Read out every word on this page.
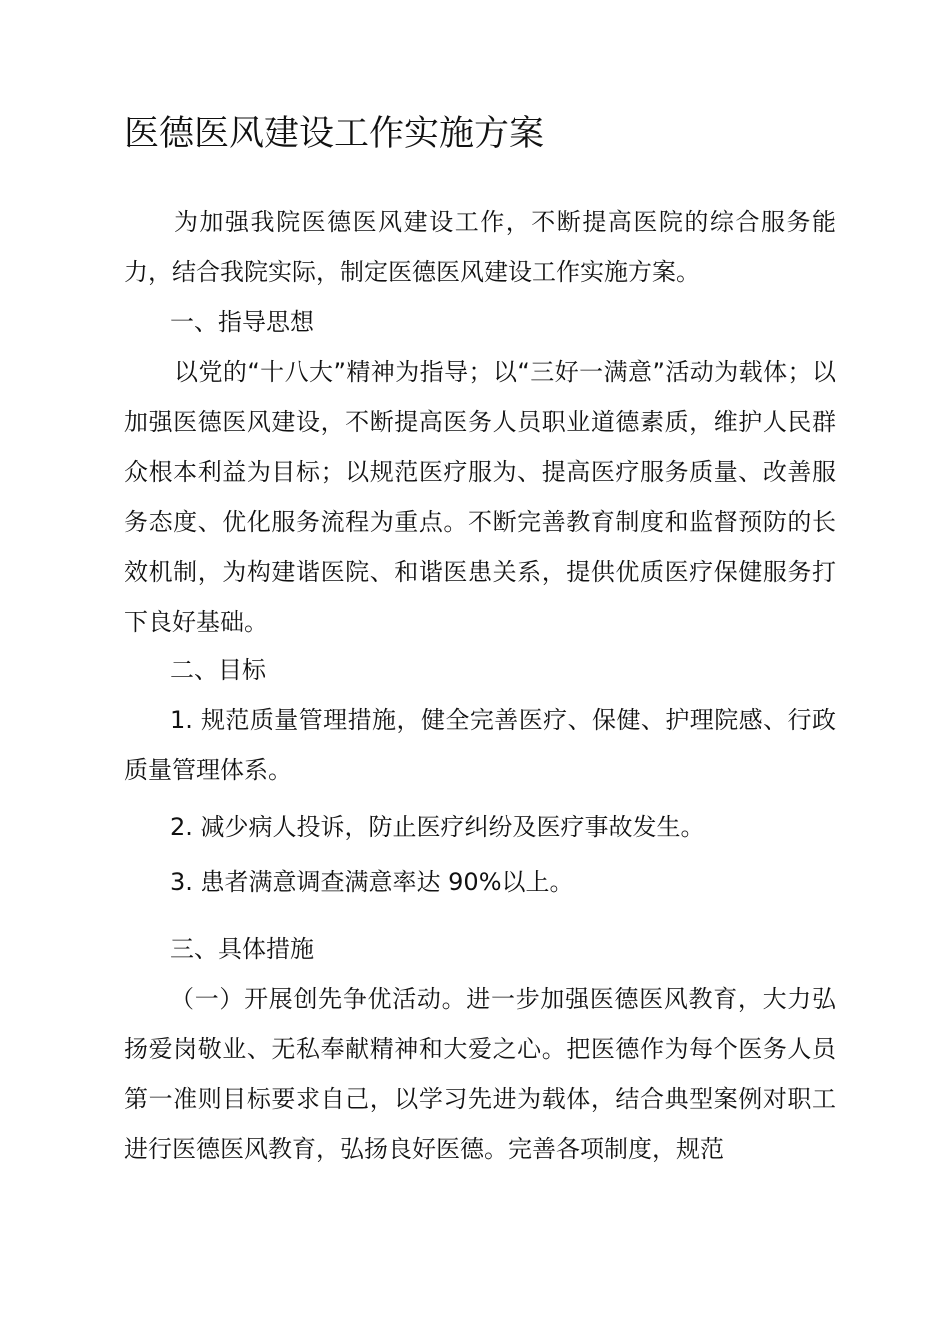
医德医风建设工作实施方案

为加强我院医德医风建设工作，不断提高医院的综合服务能力，结合我院实际，制定医德医风建设工作实施方案。

一、指导思想

以党的“十八大”精神为指导；以“三好一满意”活动为载体；以加强医德医风建设，不断提高医务人员职业道德素质，维护人民群众根本利益为目标；以规范医疗服为、提高医疗服务质量、改善服务态度、优化服务流程为重点。不断完善教育制度和监督预防的长效机制，为构建谐医院、和谐医患关系，提供优质医疗保健服务打下良好基础。

二、目标

1. 规范质量管理措施，健全完善医疗、保健、护理院感、行政质量管理体系。

2. 减少病人投诉，防止医疗纠纷及医疗事故发生。

3. 患者满意调查满意率达 90%以上。

三、具体措施

（一）开展创先争优活动。进一步加强医德医风教育，大力弘扬爱岗敬业、无私奉献精神和大爱之心。把医德作为每个医务人员第一准则目标要求自己，以学习先进为载体，结合典型案例对职工进行医德医风教育，弘扬良好医德。完善各项制度，规范
